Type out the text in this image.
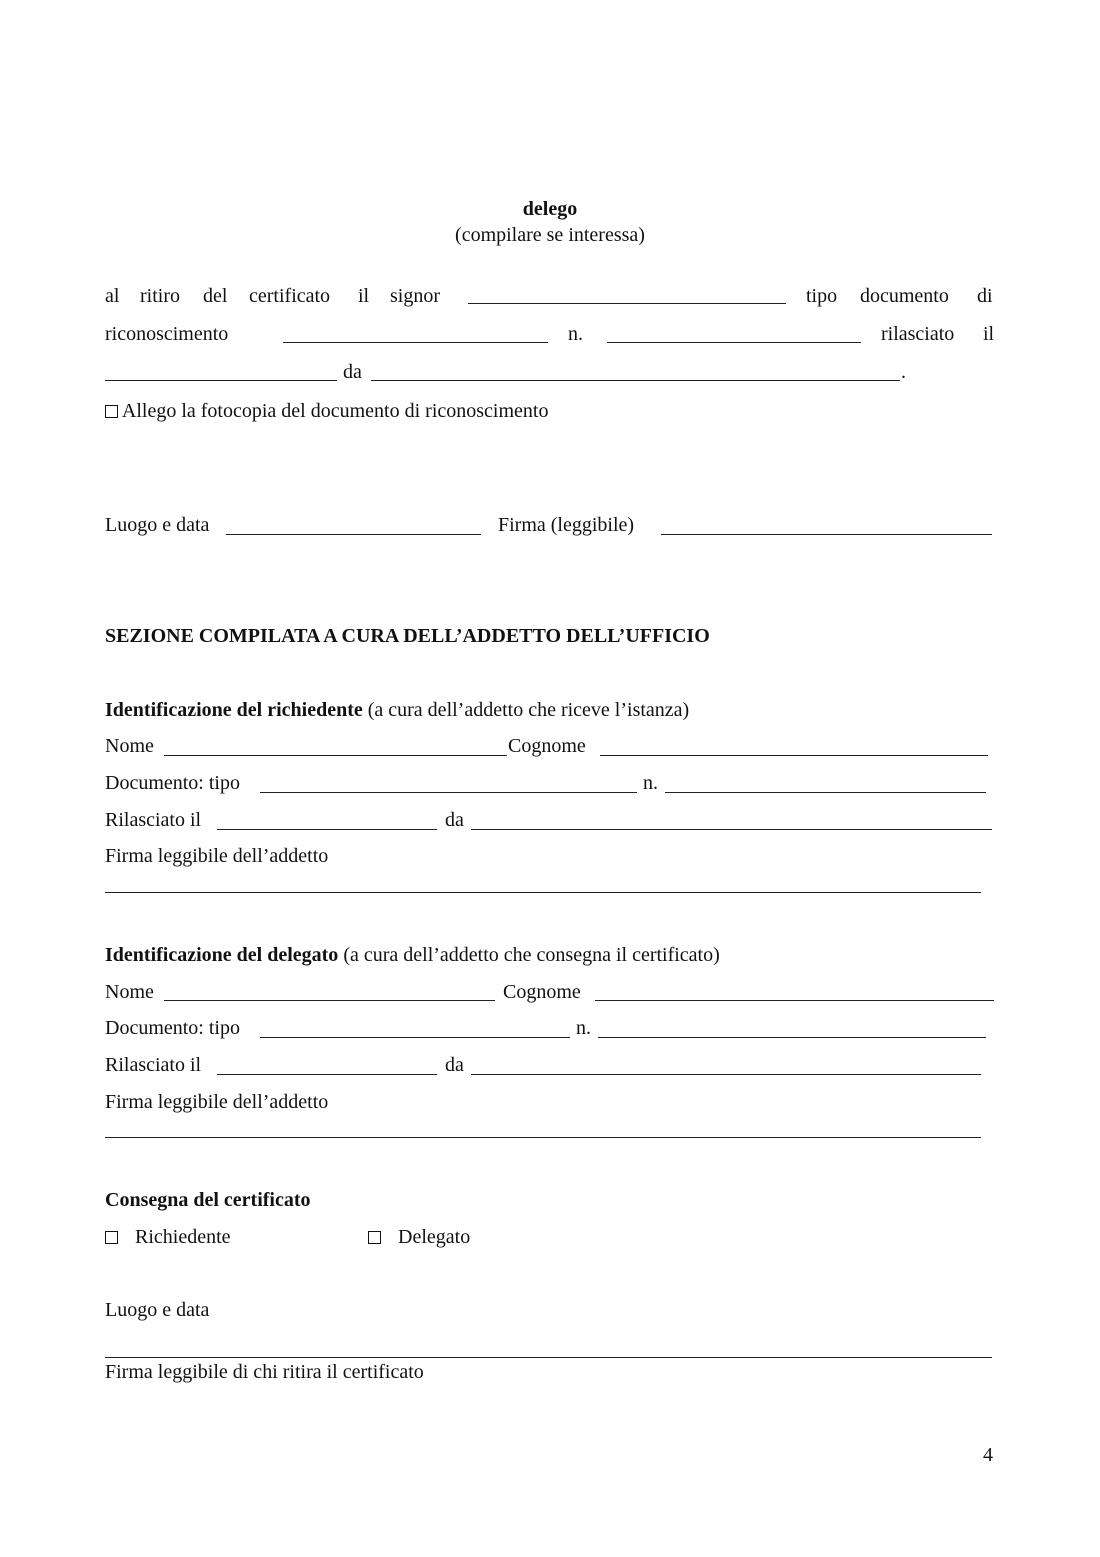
delego
(compilare se interessa)
al ritiro del certificato il signor	tipo documento di
riconoscimento	n.	rilasciato il
da	.
Allego la fotocopia del documento di riconoscimento
Luogo e data	Firma (leggibile)
SEZIONE COMPILATA A CURA DELL’ADDETTO DELL’UFFICIO
Identificazione del richiedente (a cura dell’addetto che riceve l’istanza)
Nome	Cognome
Documento: tipo	n.
Rilasciato il	da
Firma leggibile dell’addetto
Identificazione del delegato (a cura dell’addetto che consegna il certificato)
Nome	Cognome
Documento: tipo	n.
Rilasciato il	da
Firma leggibile dell’addetto
Consegna del certificato
Richiedente	Delegato
Luogo e data
Firma leggibile di chi ritira il certificato
4
